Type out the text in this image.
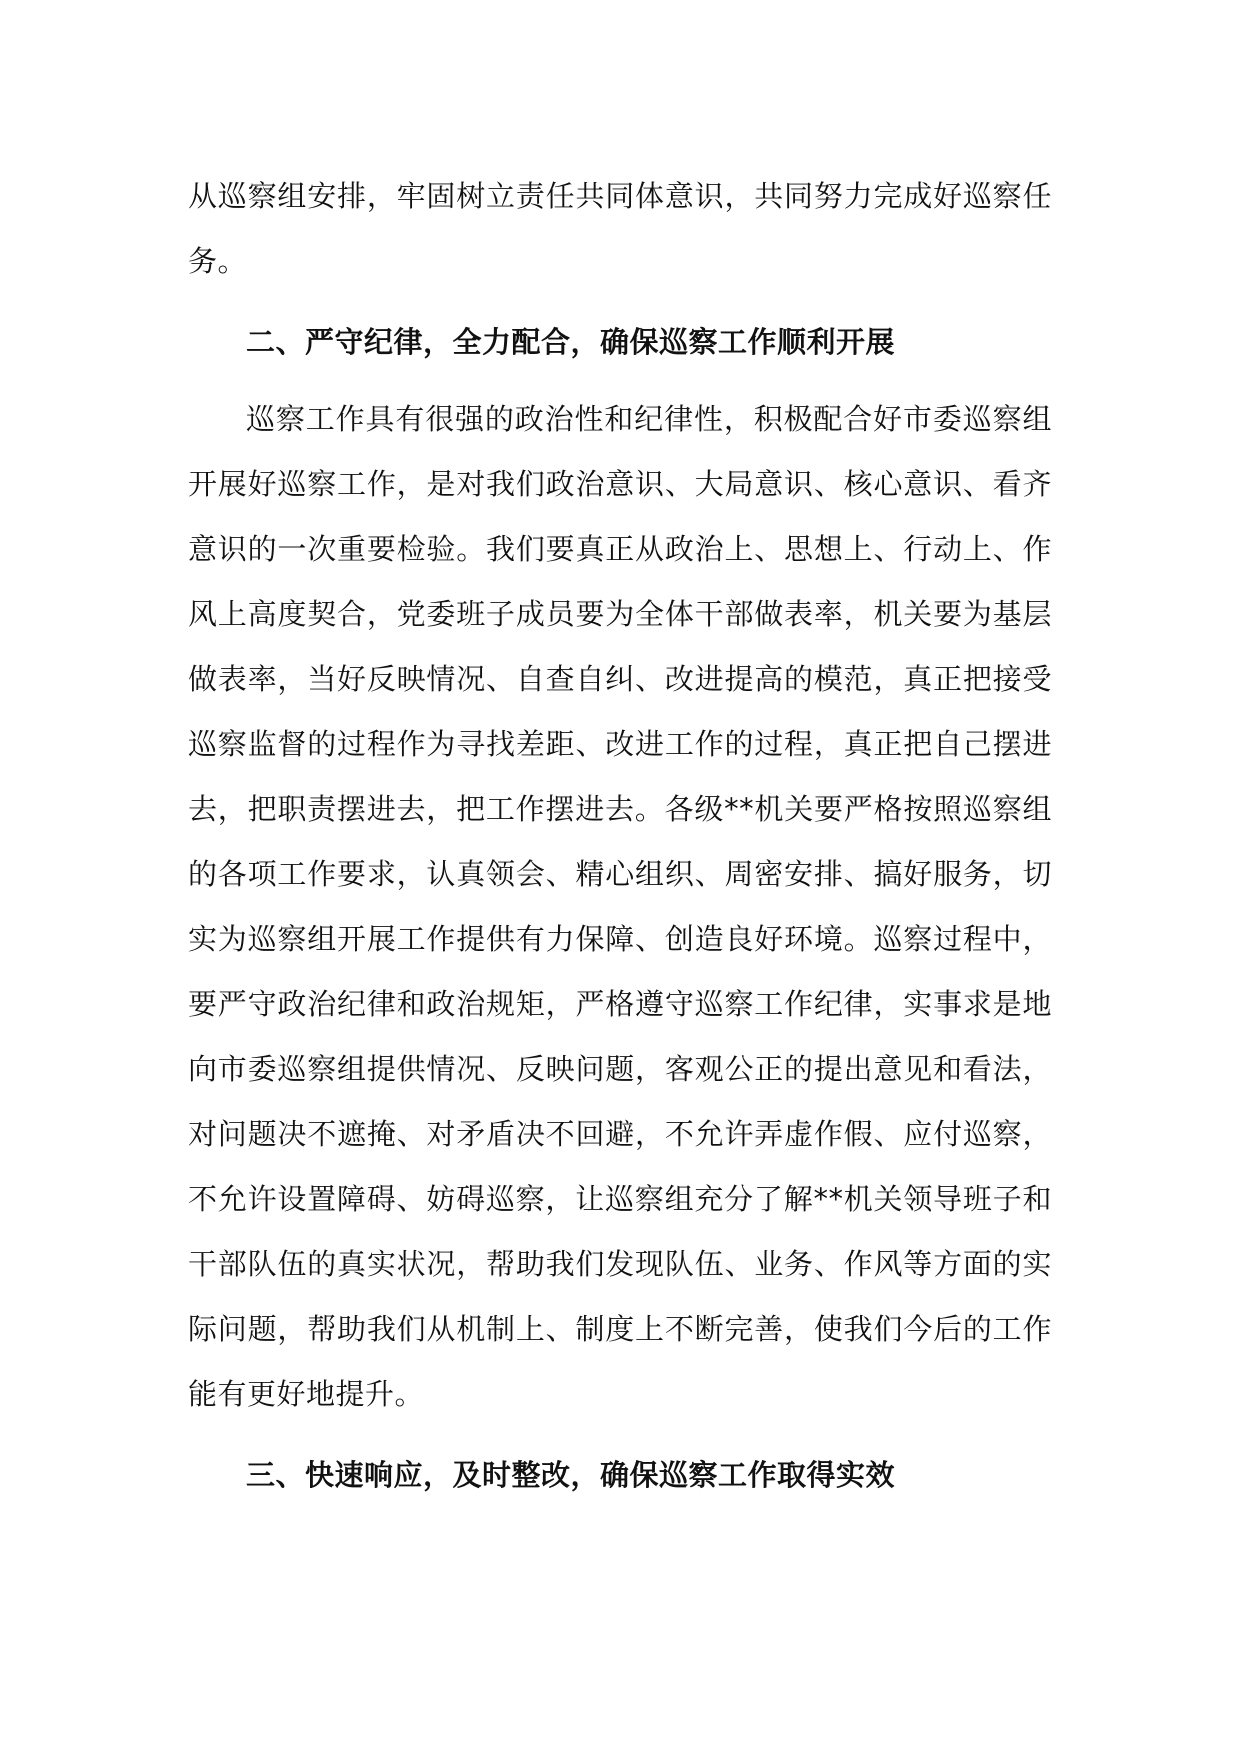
从巡察组安排，牢固树立责任共同体意识，共同努力完成好巡察任务。

二、严守纪律，全力配合，确保巡察工作顺利开展

巡察工作具有很强的政治性和纪律性，积极配合好市委巡察组开展好巡察工作，是对我们政治意识、大局意识、核心意识、看齐意识的一次重要检验。我们要真正从政治上、思想上、行动上、作风上高度契合，党委班子成员要为全体干部做表率，机关要为基层做表率，当好反映情况、自查自纠、改进提高的模范，真正把接受巡察监督的过程作为寻找差距、改进工作的过程，真正把自己摆进去，把职责摆进去，把工作摆进去。各级**机关要严格按照巡察组的各项工作要求，认真领会、精心组织、周密安排、搞好服务，切实为巡察组开展工作提供有力保障、创造良好环境。巡察过程中，要严守政治纪律和政治规矩，严格遵守巡察工作纪律，实事求是地向市委巡察组提供情况、反映问题，客观公正的提出意见和看法，对问题决不遮掩、对矛盾决不回避，不允许弄虚作假、应付巡察，不允许设置障碍、妨碍巡察，让巡察组充分了解**机关领导班子和干部队伍的真实状况，帮助我们发现队伍、业务、作风等方面的实际问题，帮助我们从机制上、制度上不断完善，使我们今后的工作能有更好地提升。

三、快速响应，及时整改，确保巡察工作取得实效
